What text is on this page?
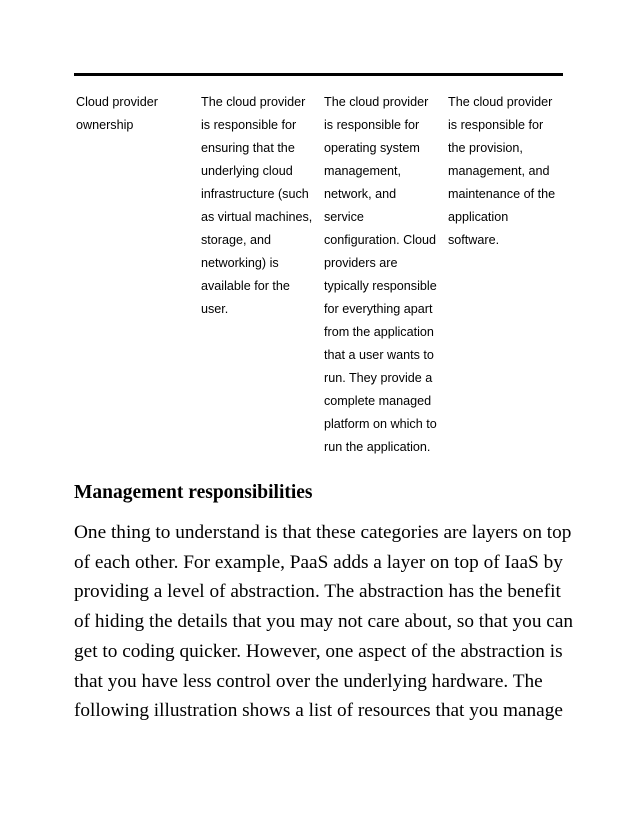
Cloud provider
ownership
The cloud provider
is responsible for
ensuring that the
underlying cloud
infrastructure (such
as virtual machines,
storage, and
networking) is
available for the
user.
The cloud provider
is responsible for
operating system
management,
network, and
service
configuration. Cloud
providers are
typically responsible
for everything apart
from the application
that a user wants to
run. They provide a
complete managed
platform on which to
run the application.
The cloud provider
is responsible for
the provision,
management, and
maintenance of the
application software.
Management responsibilities
One thing to understand is that these categories are layers on top
of each other. For example, PaaS adds a layer on top of IaaS by
providing a level of abstraction. The abstraction has the benefit
of hiding the details that you may not care about, so that you can
get to coding quicker. However, one aspect of the abstraction is
that you have less control over the underlying hardware. The
following illustration shows a list of resources that you manage
